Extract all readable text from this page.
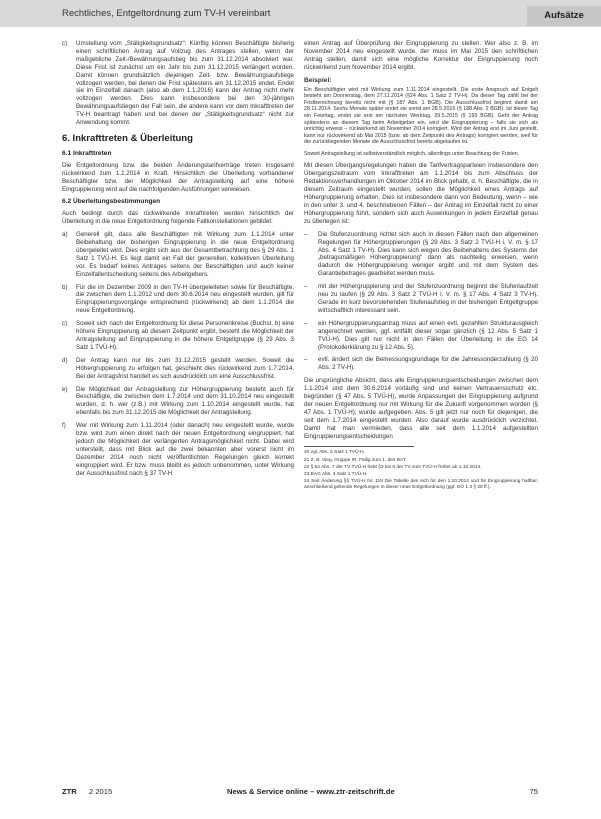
Rechtliches, Entgeltordnung zum TV-H vereinbart	Aufsätze
c) Umstellung vom „Stätigkeitsgrundsatz“: Künftig können Beschäftigte bisherig einen schriftlichen Antrag auf Vollzug des Antrages stellen, wenn der maßgebliche Zeit-/Bewährungsaufstieg bis zum 31.12.2014 absolviert war. Diese Frist ist zunächst um ein Jahr bis zum 31.12.2015 verlängert worden. Damit können grundsätzlich diejenigen Zeit- bzw. Bewährungsaufstiege vollzogen werden, bei denen die Frist spätestens am 31.12.2015 endet. Endet sie im Einzelfall danach (also ab dem 1.1.2016) kann der Antrag nicht mehr vollzogen werden. Dies kann insbesondere bei den 30-jährigen Bewährungsaufstiegen der Fall sein, die andere kann vor dem Inkrafttreten der TV-H beantragt haben und bei denen der „Stätigkeitsgrundsatz“ nicht zur Anwendung kommt.
6. Inkrafttreten & Überleitung
6.1 Inkrafttreten

Die Entgeltordnung bzw. die beiden Änderungstarifverträge treten insgesamt rückwirkend zum 1.1.2014 in Kraft. Hinsichtlich der Überleitung vorhandener Beschäftigter bzw. der Möglichkeit der Antragstellung auf eine höhere Eingruppierung wird auf die nachfolgenden Ausführungen verwiesen.

6.2 Überleitungsbestimmungen

Auch bedingt durch das rückwirkende Inkrafttreten werden hinsichtlich der Überleitung in die neue Entgeltordnung folgende Fallkonstellationen gebildet:

a) Generell gilt, dass alle Beschäftigten mit Wirkung zum 1.1.2014 unter Beibehaltung der bisherigen Eingruppierung in die neue Entgeltordnung übergeleitet wird. Dies ergibt sich aus der Gesamtbetrachtung des § 29 Abs. 1 Satz 1 TVÜ-H. Es liegt damit ein Fall der generellen, kollektiven Überleitung vor. Es bedarf keines Antrages seitens der Beschäftigten und auch keiner Einzelfallentscheidung seitens des Arbeitgebers.
b) Für die im Dezember 2009 in den TV-H übergeleiteten sowie für Beschäftigte, die zwischen dem 1.1.2012 und dem 30.6.2014 neu eingestellt wurden, gilt für Eingruppierungsvorgänge entsprechend (rückwirkend) ab dem 1.1.2014 die neue Entgeltordnung.
c) Soweit sich nach der Entgeltordnung für diese Personenkreise (Buchst. b) eine höhere Eingruppierung ab diesem Zeitpunkt ergibt, besteht die Möglichkeit der Antragstellung auf Eingruppierung in die höhere Entgeltgruppe (§ 29 Abs. 3 Satz 1 TVÜ-H).
d) Der Antrag kann nur bis zum 31.12.2015 gestellt werden. Soweit die Höhergruppierung zu erfolgen hat, geschieht dies rückwirkend zum 1.7.2014. Bei der Antragsfrist handelt es sich ausdrücklich um eine Ausschlussfrist.
e) Die Möglichkeit der Antragstellung zur Höhergruppierung besteht auch für Beschäftigte, die zwischen dem 1.7.2014 und dem 31.10.2014 neu eingestellt wurden, d. h. wer (z.B.) mit Wirkung zum 1.10.2014 eingestellt wurde, hat ebenfalls bis zum 31.12.2015 die Möglichkeit der Antragstellung.
f) Wer mit Wirkung zum 1.11.2014 (oder danach) neu eingestellt wurde, wurde bzw. wird zum einen direkt nach der neuen Entgeltordnung eingruppiert, hat jedoch die Möglichkeit der verlängerten Antragsmöglichkeit nicht. Dabei wird unterstellt, dass mit Blick auf die zwei bekannten aber vorerst nicht im Dezember 2014 noch nicht veröffentlichten Regelungen gleich korrekt eingruppiert wird. Er bzw. muss bleibt es jedoch unbenommen, unter Wirkung der Ausschlussfrist nach § 37 TV-H

einen Antrag auf Überprüfung der Eingruppierung zu stellen. Wer also z. B. im November 2014 neu eingestellt wurde, der muss im Mai 2015 den schriftlichen Antrag stellen, damit sich eine mögliche Korrektur der Eingruppierung noch rückwirkend zum November 2014 ergibt.

Beispiel:

Ein Beschäftigter wird mit Wirkung zum 1.11.2014 eingestellt. Die erste Anspruch auf Entgelt besteht am Donnerstag, dem 27.11.2014 (§24 Abs. 1 Satz 2 TV-H). Da dieser Tag zählt bei der Fristberechnung bereits nicht mit (§ 187 Abs. 1 BGB). Die Ausschlussfrist beginnt damit am 28.11.2014. Sechs Monate später endet sie somit am 28.5.2015 (§ 188 Abs. 2 BGB). Ist dieser Tag ein Feiertag, endet sie erst am nächsten Werktag, 29.5.2015 (§ 193 BGB). Geht der Antrag spätestens an diesem Tag beim Arbeitgeber ein, wird die Eingruppierung – falls sie sich als unrichtig erweist – rückwirkend ab November 2014 korrigiert. Wird der Antrag erst im Juni gestellt, kann nur rückwirkend ab Mai 2015 (bzw. ab dem Zeitpunkt des Antrags) korrigiert werden, weil für die zurückliegenden Monate die Ausschlussfrist bereits abgelaufen ist.

Soweit Antragstellung ist selbstverständlich möglich, allerdings unter Beachtung der Fristen.

Mit diesen Übergangsregelungen haben die Tarifvertragsparteien insbesondere den Übergangszeitraum vom Inkrafttreten am 1.1.2014 bis zum Abschluss der Redaktionsverhandlungen im Oktober 2014 im Blick gehabt, d. h. Beschäftigte, die in diesem Zeitraum eingestellt wurden, sollen die Möglichkeit eines Antrags auf Höhergruppierung erhalten. Dies ist insbesondere dann von Bedeutung, wenn – wie in den unter 3. und 4. beschriebenen Fällen – der Antrag im Einzelfall nicht zu einer Höhergruppierung führt, sondern sich auch Auswirkungen in jedem Einzelfall genau zu überlegen ist:

– Die Stufenzuordnung richtet sich auch in diesen Fällen nach den allgemeinen Regelungen für Höhergruppierungen (§ 29 Abs. 3 Satz 2 TVÜ-H i. V. m. § 17 Abs. 4 Satz 1 TV-H). Dies kann sich wegen des Beibehaltens des Systems der „betragsmäßigen Höhergruppierung“ dann als nachteilig erweisen, wenn dadurch die Höhergruppierung weniger ergibt und mit dem System des Garantiebetrages gearbeitet werden muss.
– mit der Höhergruppierung und der Stufenzuordnung beginnt die Stufenlaufzeit neu zu laufen (§ 29 Abs. 3 Satz 2 TVÜ-H i. V. m. § 17 Abs. 4 Satz 3 TV-H). Gerade im kurz bevorstehenden Stufenaufstieg in der bisherigen Entgeltgruppe wirtschaftlich interessant sein.
– ein Höhergruppierungsantrag muss auf einen evtl. gezahlten Strukturausgleich angerechnet werden, ggf. entfällt dieser sogar gänzlich (§ 12 Abs. 5 Satz 1 TVÜ-H). Dies gilt nur nicht in den Fällen der Überleitung in die EG 14 (Protokollerklärung zu § 12 Abs. 5).
– evtl. ändert sich die Bemessungsgrundlage für die Jahressonderzahlung (§ 20 Abs. 2 TV-H).

Die ursprüngliche Absicht, dass alle Eingruppierungsentscheidungen zwischen dem 1.1.2014 und dem 30.6.2014 vorläufig sind und keinen Vertrauensschutz etc. begründen (§ 47 Abs. 5 TVÜ-H), wurde Anpassungen der Eingruppierung aufgrund der neuen Entgeltordnung nur mit Wirkung für die Zukunft vorgenommen worden (§ 47 Abs. 1 TVÜ-H), wurde aufgegeben. Abs. 5 gilt jetzt nur noch für diejenigen, die seit dem 1.7.2014 eingestellt wurden. Also darauf wurde ausdrücklich verzichtet. Damit hat man vermieden, dass alle seit dem 1.1.2014 aufgestellten Eingruppierungsentscheidungen

20 vgl. Abs. 5 Satz 1 TVÜ-H.

21 Z. B. Vieg, Gruppe IR. Fällig zum 1. des BAT.

22 § 52 Abs. 7 der TV TVÜ-H hebt §3 bis 5 der TV zum TVÜ-H früher ab 1.10.2014.

23 BAG Abs. 4 Satz 1 TVÜ-H.

24 Seit Änderung §§ TVÜ-H Nr. 118 Die Tabelle des sich für den 1.10.2014 und für Eingruppierung haltbar, anschließend geltende Regelungen in dieser neue Entgeltordnung (ggf. EO 1 3 § 28 ff.).

ZTR 2 2015	News & Service online – www.ztr-zeitschrift.de	75
